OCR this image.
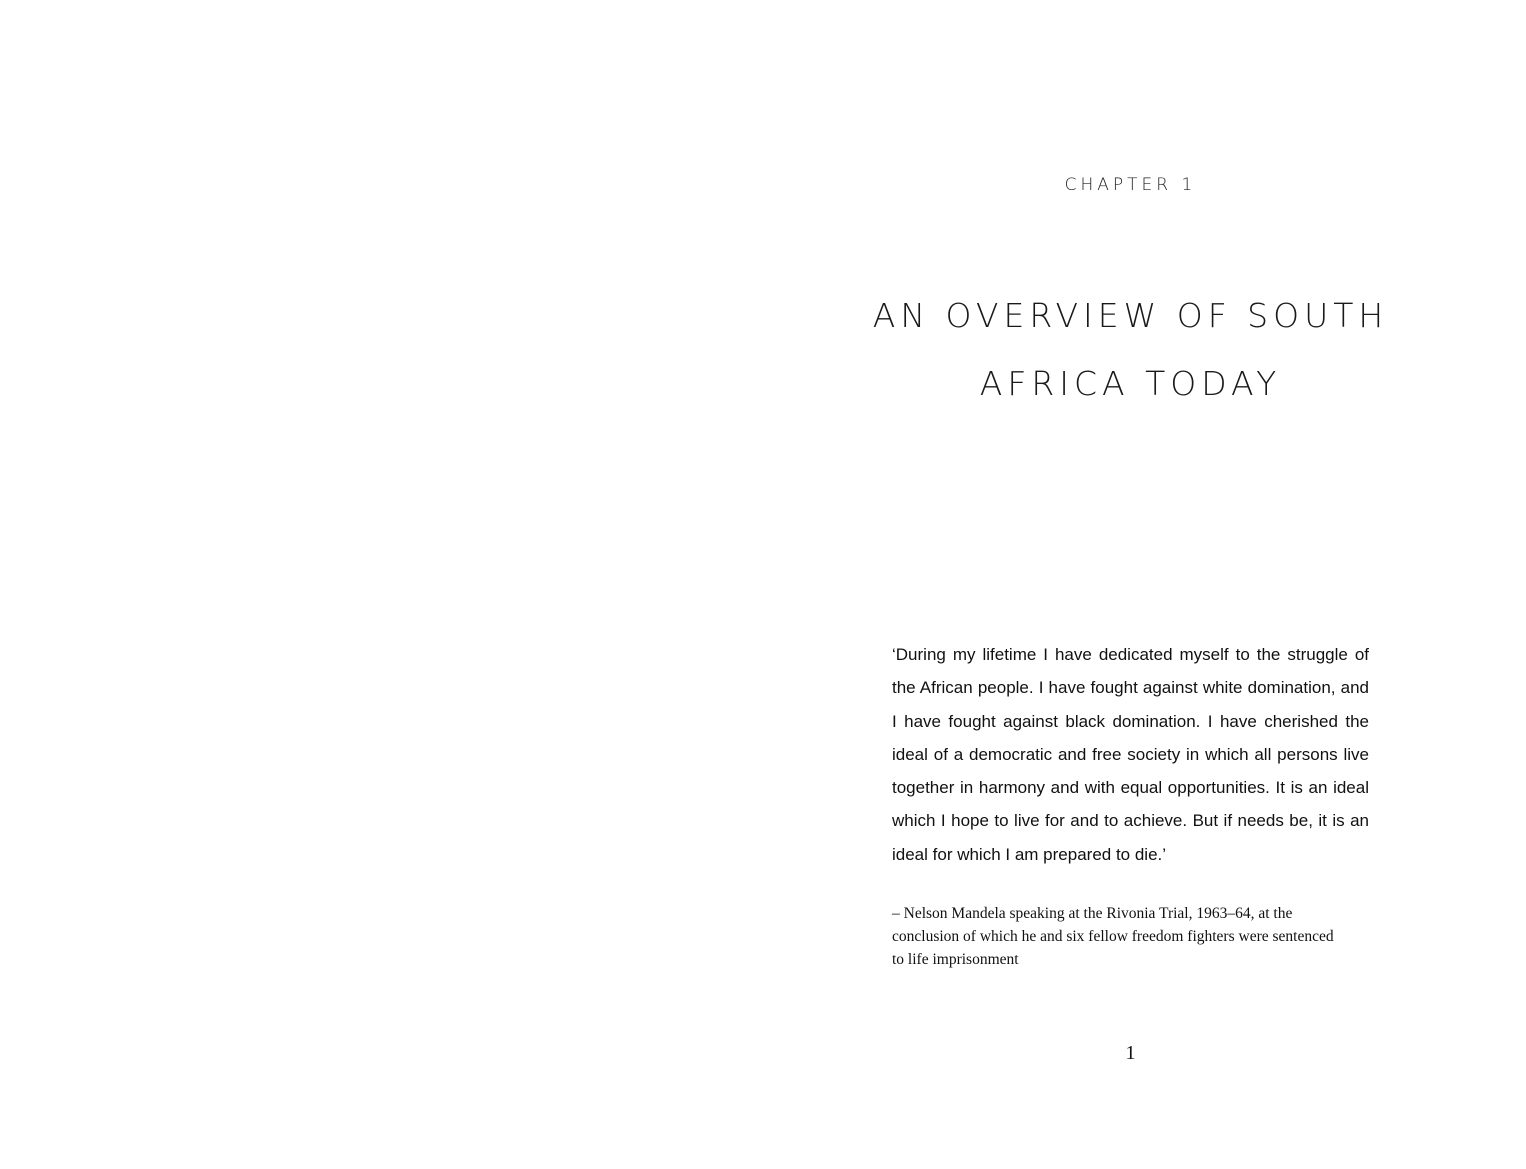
CHAPTER 1

AN OVERVIEW OF SOUTH AFRICA TODAY

‘During my lifetime I have dedicated myself to the struggle of the African people. I have fought against white domination, and I have fought against black domination. I have cherished the ideal of a democratic and free society in which all persons live together in harmony and with equal opportunities. It is an ideal which I hope to live for and to achieve. But if needs be, it is an ideal for which I am prepared to die.’

– Nelson Mandela speaking at the Rivonia Trial, 1963–64, at the conclusion of which he and six fellow freedom fighters were sentenced to life imprisonment

1
